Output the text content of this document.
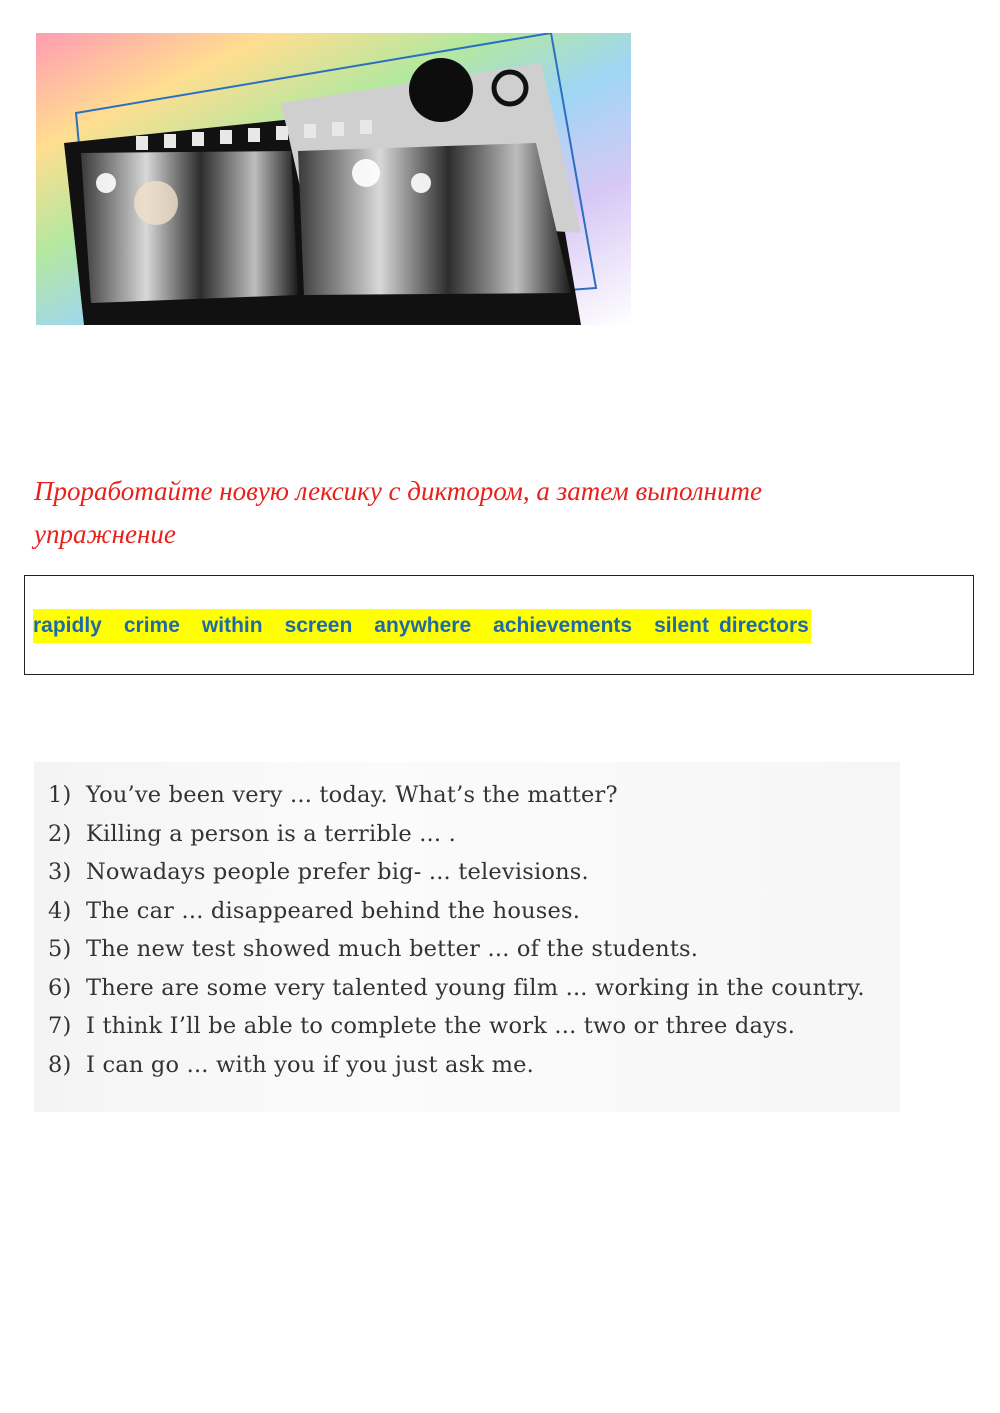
Проработайте новую лексику с диктором, а затем выполните
упражнение
rapidly crime within screen anywhere achievements silent directors
1) You’ve been very ... today. What’s the matter?
2) Killing a person is a terrible ... .
3) Nowadays people prefer big- ... televisions.
4) The car ... disappeared behind the houses.
5) The new test showed much better ... of the students.
6) There are some very talented young film ... working in the country.
7) I think I’ll be able to complete the work ... two or three days.
8) I can go ... with you if you just ask me.
